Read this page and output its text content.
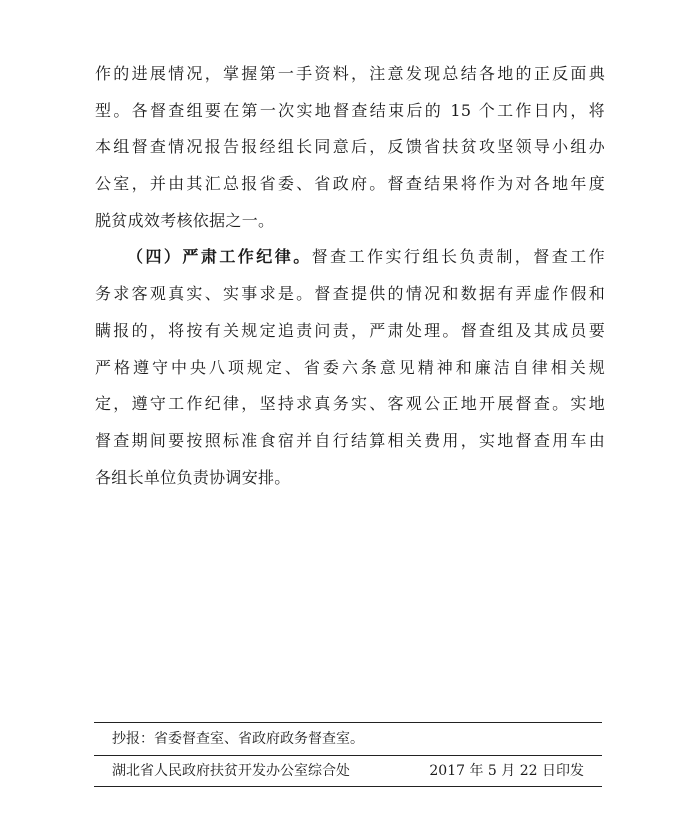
作的进展情况，掌握第一手资料，注意发现总结各地的正反面典
型。各督查组要在第一次实地督查结束后的 15 个工作日内，将
本组督查情况报告报经组长同意后，反馈省扶贫攻坚领导小组办
公室，并由其汇总报省委、省政府。督查结果将作为对各地年度
脱贫成效考核依据之一。
（四）严肃工作纪律。督查工作实行组长负责制，督查工作
务求客观真实、实事求是。督查提供的情况和数据有弄虚作假和
瞒报的，将按有关规定追责问责，严肃处理。督查组及其成员要
严格遵守中央八项规定、省委六条意见精神和廉洁自律相关规
定，遵守工作纪律，坚持求真务实、客观公正地开展督查。实地
督查期间要按照标准食宿并自行结算相关费用，实地督查用车由
各组长单位负责协调安排。
抄报：省委督查室、省政府政务督查室。
湖北省人民政府扶贫开发办公室综合处	2017 年 5 月 22 日印发
